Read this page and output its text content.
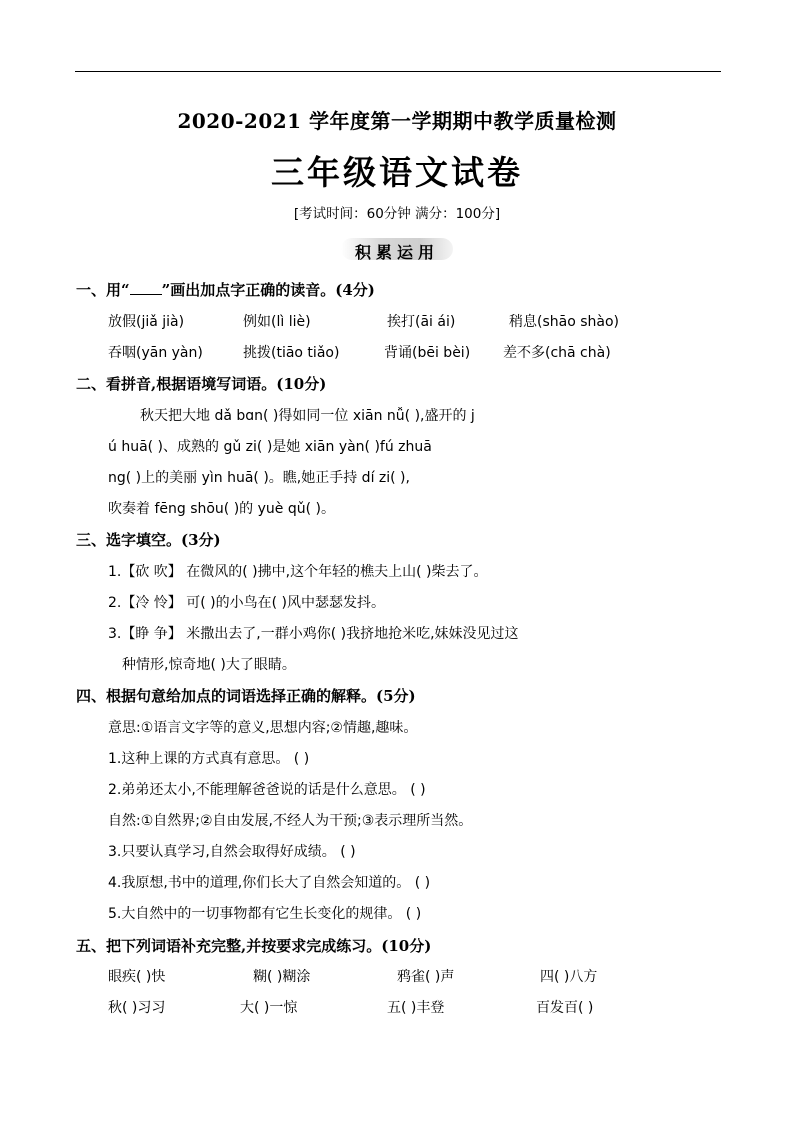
2020-2021 学年度第一学期期中教学质量检测
三年级语文试卷
[考试时间：60分钟 满分：100分]
积累运用
一、用“ ”画出加点字正确的读音。(4分)
放假(jiǎ jià)	例如(lì liè)	挨打(āi ái)	稍息(shāo shào)
吞咽(yān yàn)	挑拨(tiāo tiǎo)	背诵(bēi bèi) 差不多(chā chà)
二、看拼音,根据语境写词语。(10分)
秋天把大地 dǎ bɑn( )得如同一位 xiān nǚ( ),盛开的 j
ú huā( )、成熟的 gǔ zi( )是她 xiān yàn( )fú zhuā
ng( )上的美丽 yìn huā( )。瞧,她正手持 dí zi( ),
吹奏着 fēng shōu( )的 yuè qǔ( )。
三、选字填空。(3分)
1.【砍 吹】 在微风的( )拂中,这个年轻的樵夫上山( )柴去了。
2.【冷 怜】 可( )的小鸟在( )风中瑟瑟发抖。
3.【睁 争】 米撒出去了,一群小鸡你( )我挤地抢米吃,妹妹没见过这
种情形,惊奇地( )大了眼睛。
四、根据句意给加点的词语选择正确的解释。(5分)
意思:①语言文字等的意义,思想内容;②情趣,趣味。
1.这种上课的方式真有意思。 ( )
2.弟弟还太小,不能理解爸爸说的话是什么意思。 ( )
自然:①自然界;②自由发展,不经人为干预;③表示理所当然。
3.只要认真学习,自然会取得好成绩。 ( )
4.我原想,书中的道理,你们长大了自然会知道的。 ( )
5.大自然中的一切事物都有它生长变化的规律。 ( )
五、把下列词语补充完整,并按要求完成练习。(10分)
眼疾( )快	糊( )糊涂	鸦雀( )声	四( )八方
秋( )习习	大( )一惊	五( )丰登	百发百( )
